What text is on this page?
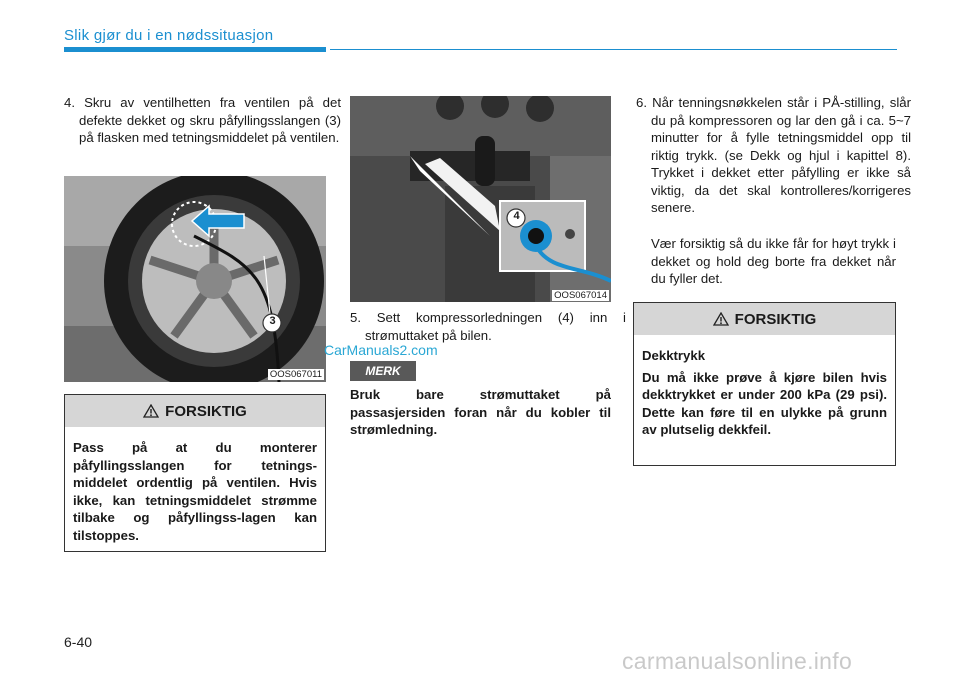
Slik gjør du i en nødssituasjon
4. Skru av ventilhetten fra ventilen på det defekte dekket og skru påfyllingsslangen (3) på flasken med tetningsmiddelet på ventilen.
3
OOS067011
FORSIKTIG
Pass på at du monterer påfyllingsslangen for tetnings-middelet ordentlig på ventilen. Hvis ikke, kan tetningsmiddelet strømme tilbake og påfyllingss-lagen kan tilstoppes.
CarManuals2.com
4
OOS067014
5. Sett kompressorledningen (4) inn i strømuttaket på bilen.
MERK
Bruk bare strømuttaket på passasjersiden foran når du kobler til strømledning.
6. Når tenningsnøkkelen står i PÅ-stilling, slår du på kompressoren og lar den gå i ca. 5~7 minutter for å fylle tetningsmiddel opp til riktig trykk. (se Dekk og hjul i kapittel 8). Trykket i dekket etter påfylling er ikke så viktig, da det skal kontrolleres/korrigeres senere.
Vær forsiktig så du ikke får for høyt trykk i dekket og hold deg borte fra dekket når du fyller det.
FORSIKTIG
Dekktrykk
Du må ikke prøve å kjøre bilen hvis dekktrykket er under 200 kPa (29 psi). Dette kan føre til en ulykke på grunn av plutselig dekkfeil.
6-40
carmanualsonline.info
